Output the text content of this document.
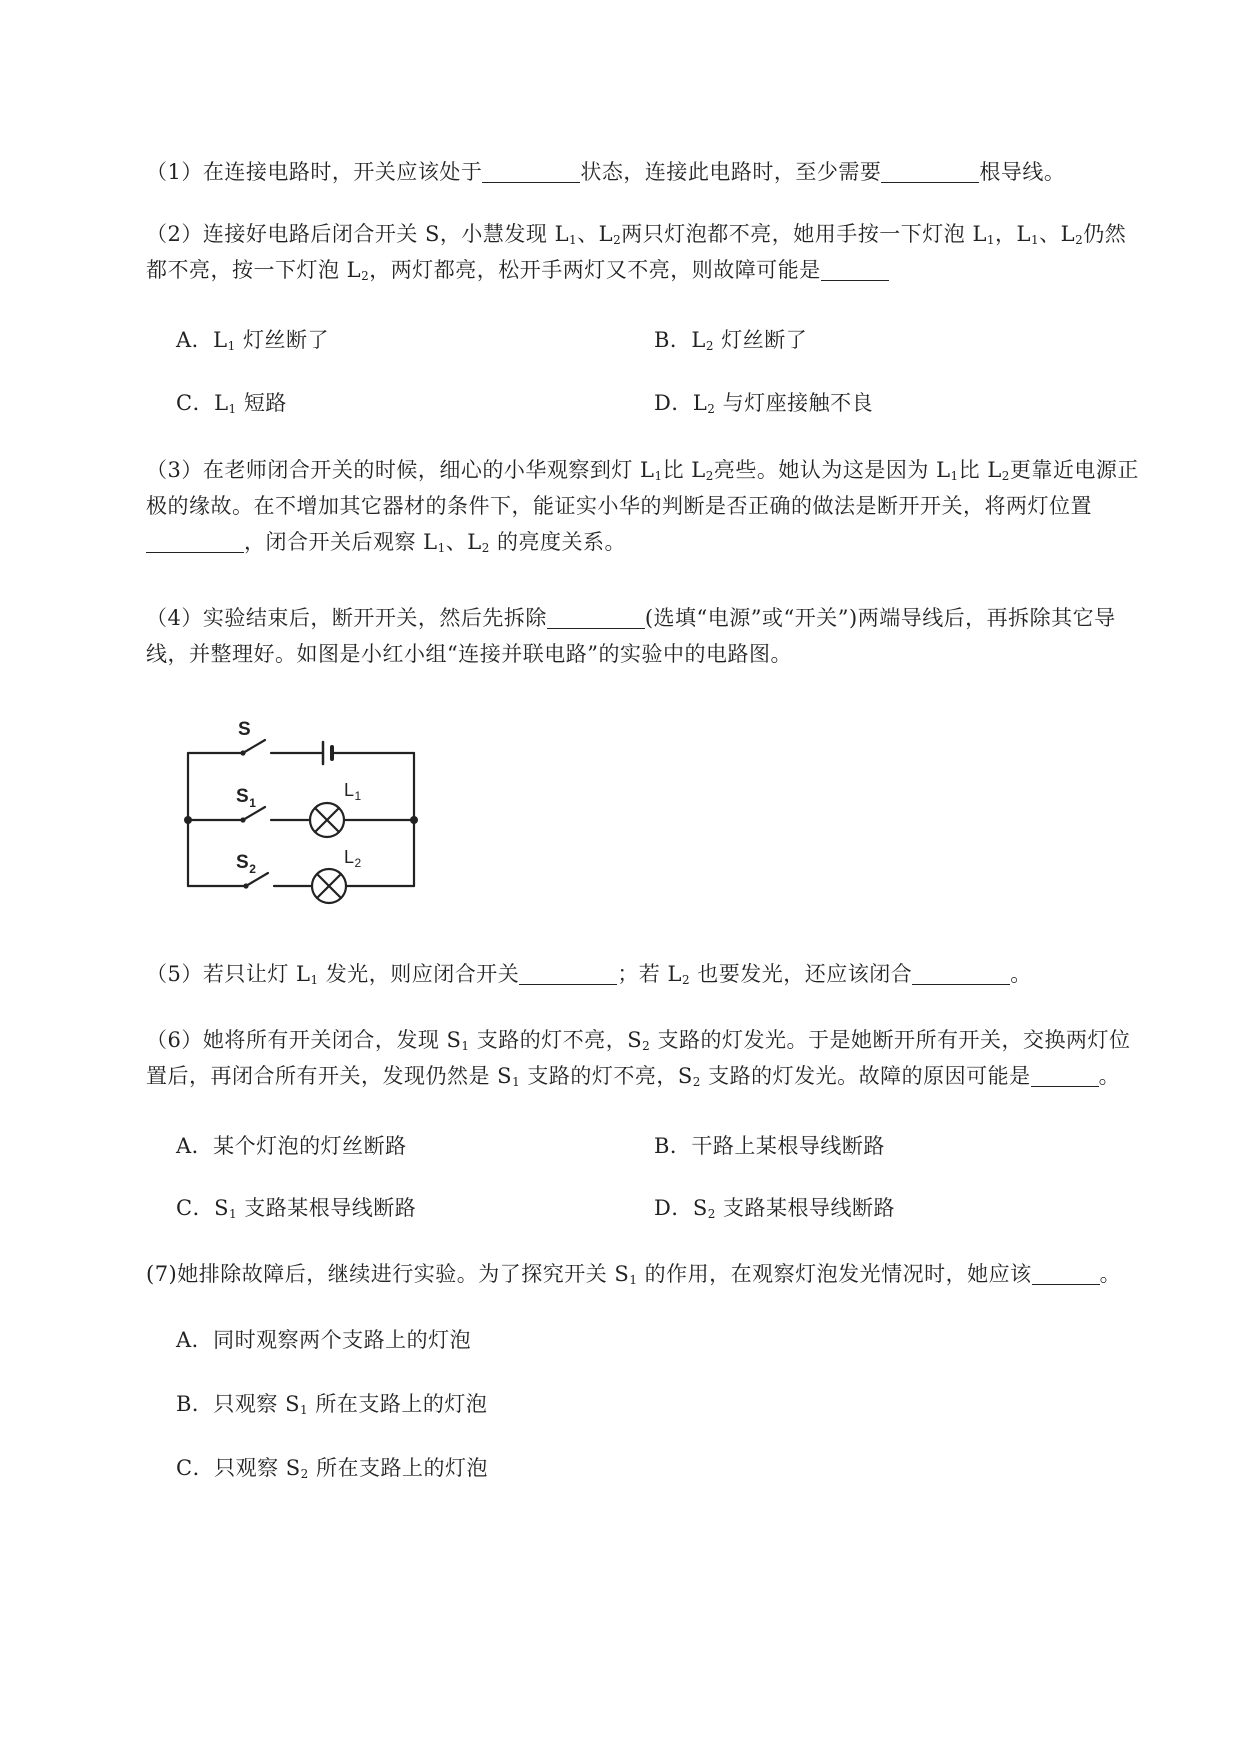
（1）在连接电路时，开关应该处于	状态，连接此电路时，至少需要	根导线。

（2）连接好电路后闭合开关 S，小慧发现 $L_1$、$L_2$两只灯泡都不亮，她用手按一下灯泡 $L_1$，$L_1$、$L_2$仍然都不亮，按一下灯泡 $L_2$，两灯都亮，松开手两灯又不亮，则故障可能是

A．$L_1$ 灯丝断了	B．$L_2$ 灯丝断了
C．$L_1$ 短路	D．$L_2$ 与灯座接触不良

（3）在老师闭合开关的时候，细心的小华观察到灯 $L_1$比 $L_2$亮些。她认为这是因为 $L_1$比 $L_2$更靠近电源正极的缘故。在不增加其它器材的条件下，能证实小华的判断是否正确的做法是断开开关，将两灯位置，闭合开关后观察 $L_1$、$L_2$ 的亮度关系。

（4）实验结束后，断开开关，然后先拆除	(选填“电源”或“开关”)两端导线后，再拆除其它导线，并整理好。如图是小红小组“连接并联电路”的实验中的电路图。

S
$S_1$
$S_2$
$L_1$
$L_2$

（5）若只让灯 $L_1$ 发光，则应闭合开关	；若 $L_2$ 也要发光，还应该闭合	。

（6）她将所有开关闭合，发现 $S_1$ 支路的灯不亮，$S_2$ 支路的灯发光。于是她断开所有开关，交换两灯位置后，再闭合所有开关，发现仍然是 $S_1$ 支路的灯不亮，$S_2$ 支路的灯发光。故障的原因可能是	。

A．某个灯泡的灯丝断路	B．干路上某根导线断路
C．$S_1$ 支路某根导线断路	D．$S_2$ 支路某根导线断路

(7)她排除故障后，继续进行实验。为了探究开关 $S_1$ 的作用，在观察灯泡发光情况时，她应该	。

A．同时观察两个支路上的灯泡
B．只观察 $S_1$ 所在支路上的灯泡
C．只观察 $S_2$ 所在支路上的灯泡
